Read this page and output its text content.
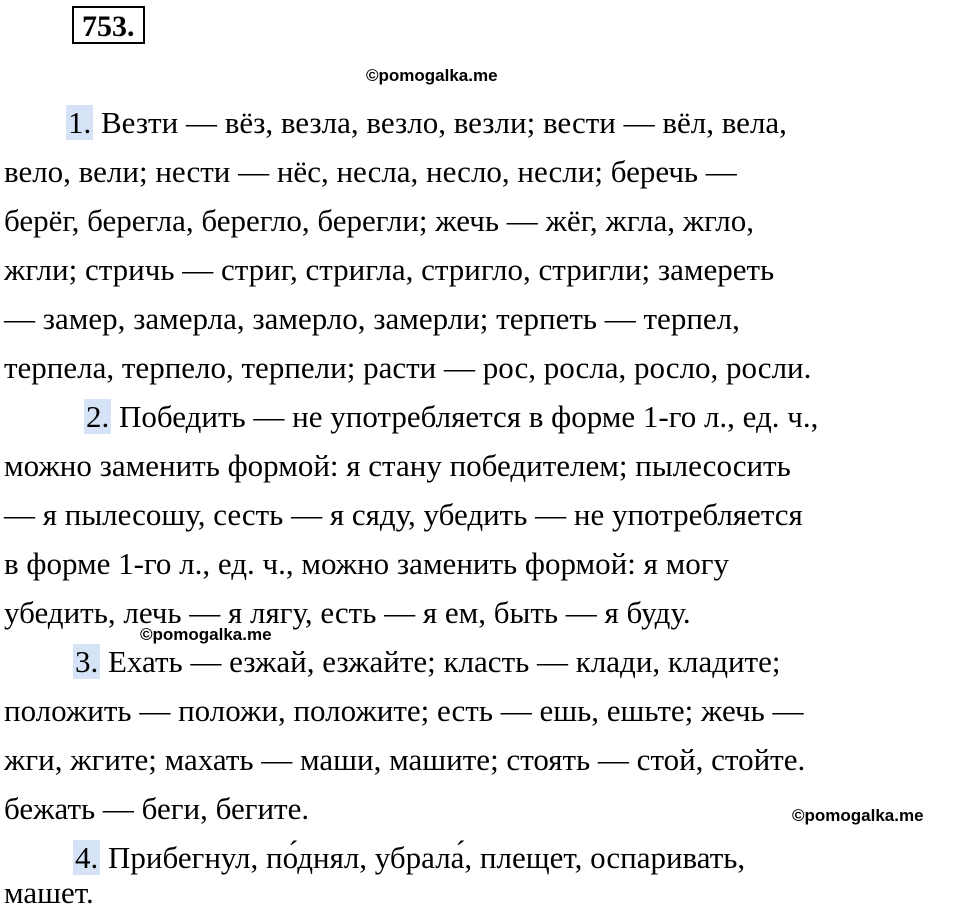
753.
©pomogalka.me
©pomogalka.me
©pomogalka.me
1. Везти — вёз, везла, везло, везли; вести — вёл, вела,
вело, вели; нести — нёс, несла, несло, несли; беречь —
берёг, берегла, берегло, берегли; жечь — жёг, жгла, жгло,
жгли; стричь — стриг, стригла, стригло, стригли; замереть
— замер, замерла, замерло, замерли; терпеть — терпел,
терпела, терпело, терпели; расти — рос, росла, росло, росли.
2. Победить — не употребляется в форме 1-го л., ед. ч.,
можно заменить формой: я стану победителем; пылесосить
— я пылесошу, сесть — я сяду, убедить — не употребляется
в форме 1-го л., ед. ч., можно заменить формой: я могу
убедить, лечь — я лягу, есть — я ем, быть — я буду.
3. Ехать — езжай, езжайте; класть — клади, кладите;
положить — положи, положите; есть — ешь, ешьте; жечь —
жги, жгите; махать — маши, машите; стоять — стой, стойте.
бежать — беги, бегите.
4. Прибегнул, по́днял, убрала́, плещет, оспаривать,
машет.
